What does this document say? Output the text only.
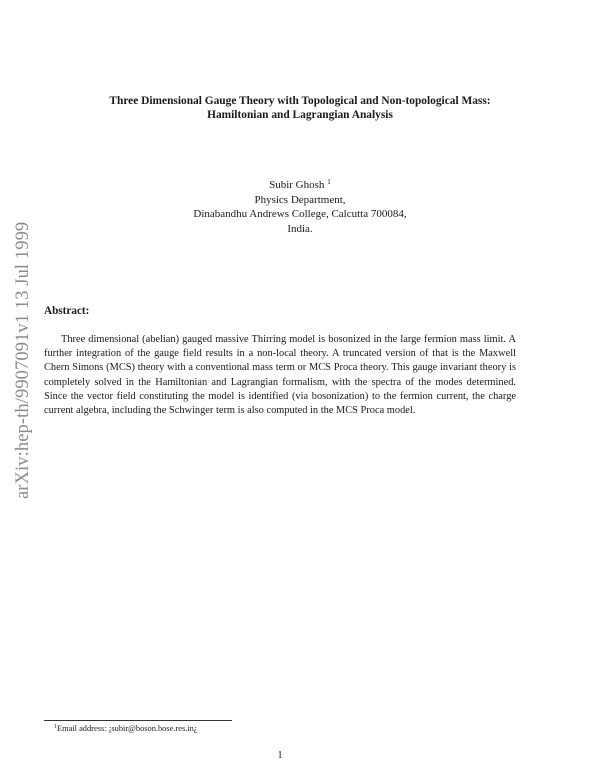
arXiv:hep-th/9907091v1 13 Jul 1999
Three Dimensional Gauge Theory with Topological and Non-topological Mass:
Hamiltonian and Lagrangian Analysis
Subir Ghosh $^1$
Physics Department,
Dinabandhu Andrews College, Calcutta 700084,
India.
Abstract:

Three dimensional (abelian) gauged massive Thirring model is bosonized in the large fermion mass limit. A further integration of the gauge field results in a non-local theory. A truncated version of that is the Maxwell Chern Simons (MCS) theory with a conventional mass term or MCS Proca theory. This gauge invariant theory is completely solved in the Hamiltonian and Lagrangian formalism, with the spectra of the modes determined. Since the vector field constituting the model is identified (via bosonization) to the fermion current, the charge current algebra, including the Schwinger term is also computed in the MCS Proca model.

$^1$Email address: ¡subir@boson.bose.res.in¿
1
